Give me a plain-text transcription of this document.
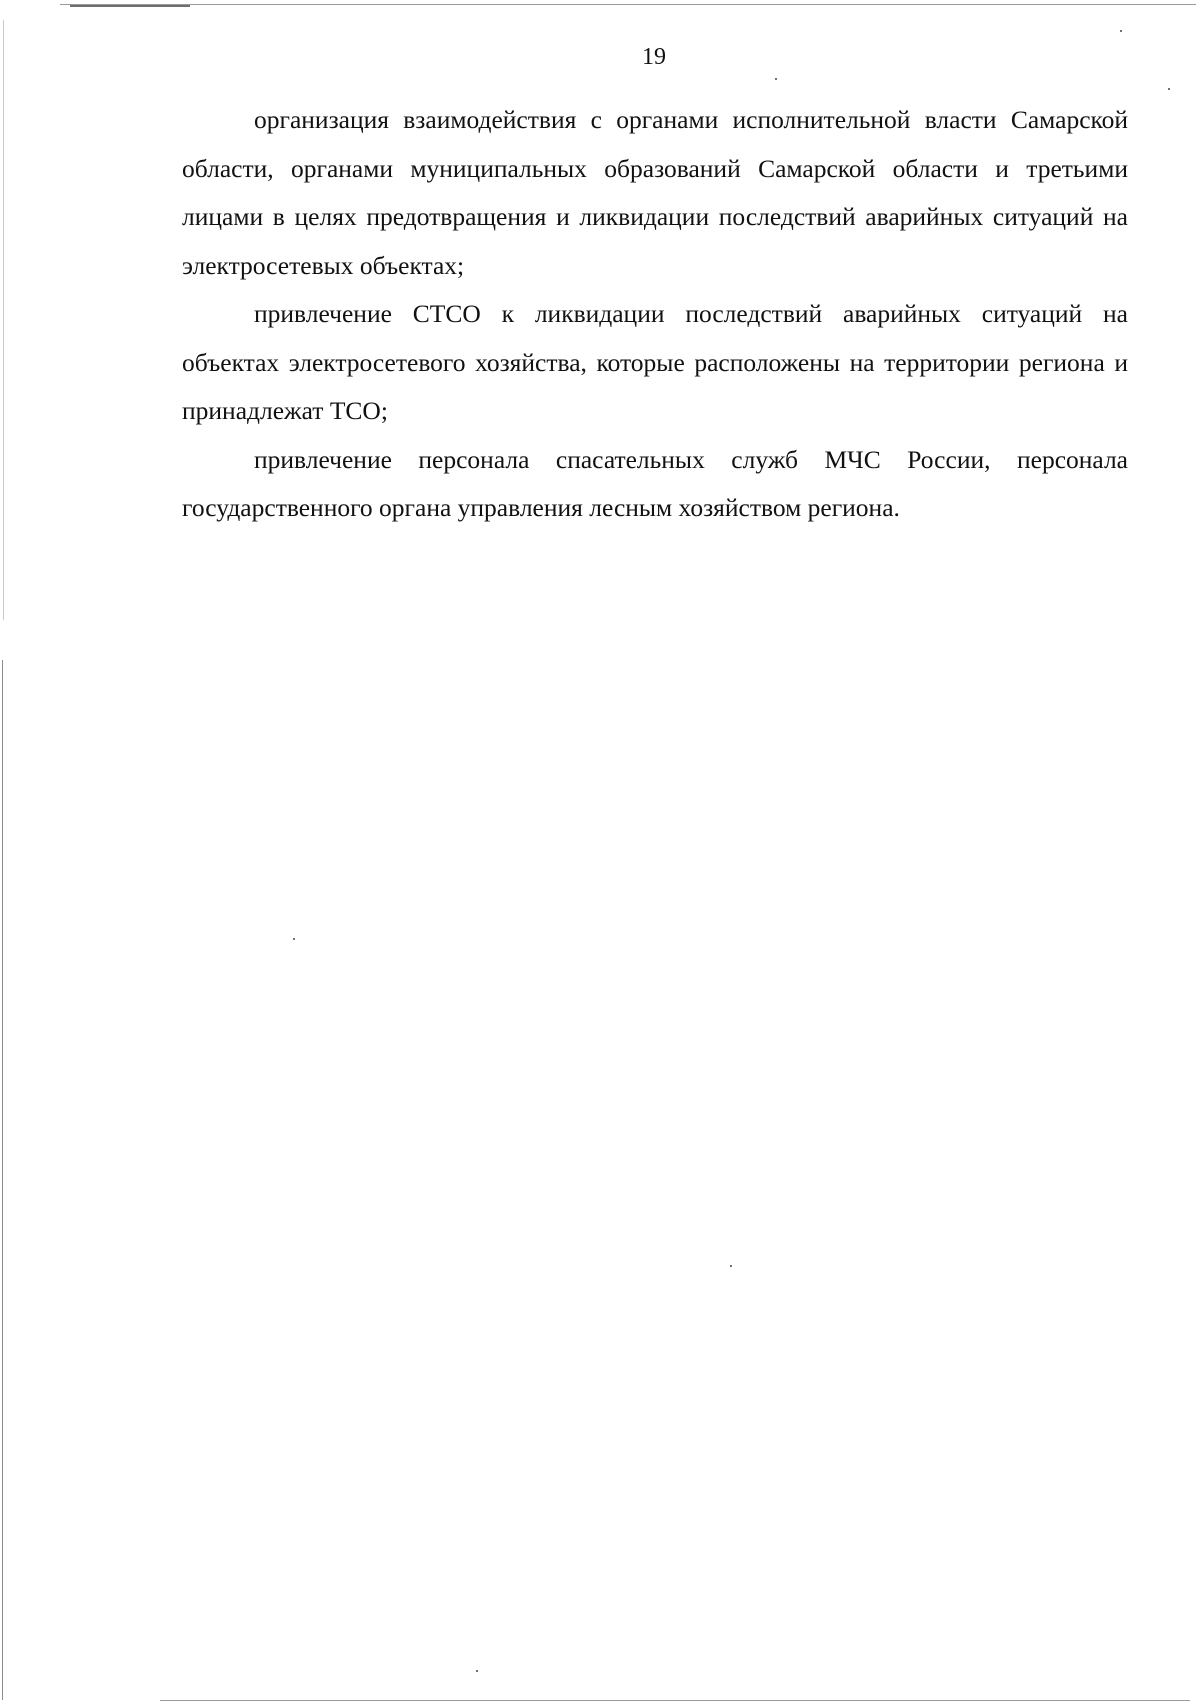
19

организация взаимодействия с органами исполнительной власти Самарской области, органами муниципальных образований Самарской области и третьими лицами в целях предотвращения и ликвидации последствий аварийных ситуаций на электросетевых объектах;

привлечение СТСО к ликвидации последствий аварийных ситуаций на объектах электросетевого хозяйства, которые расположены на территории региона и принадлежат ТСО;

привлечение персонала спасательных служб МЧС России, персонала государственного органа управления лесным хозяйством региона.
